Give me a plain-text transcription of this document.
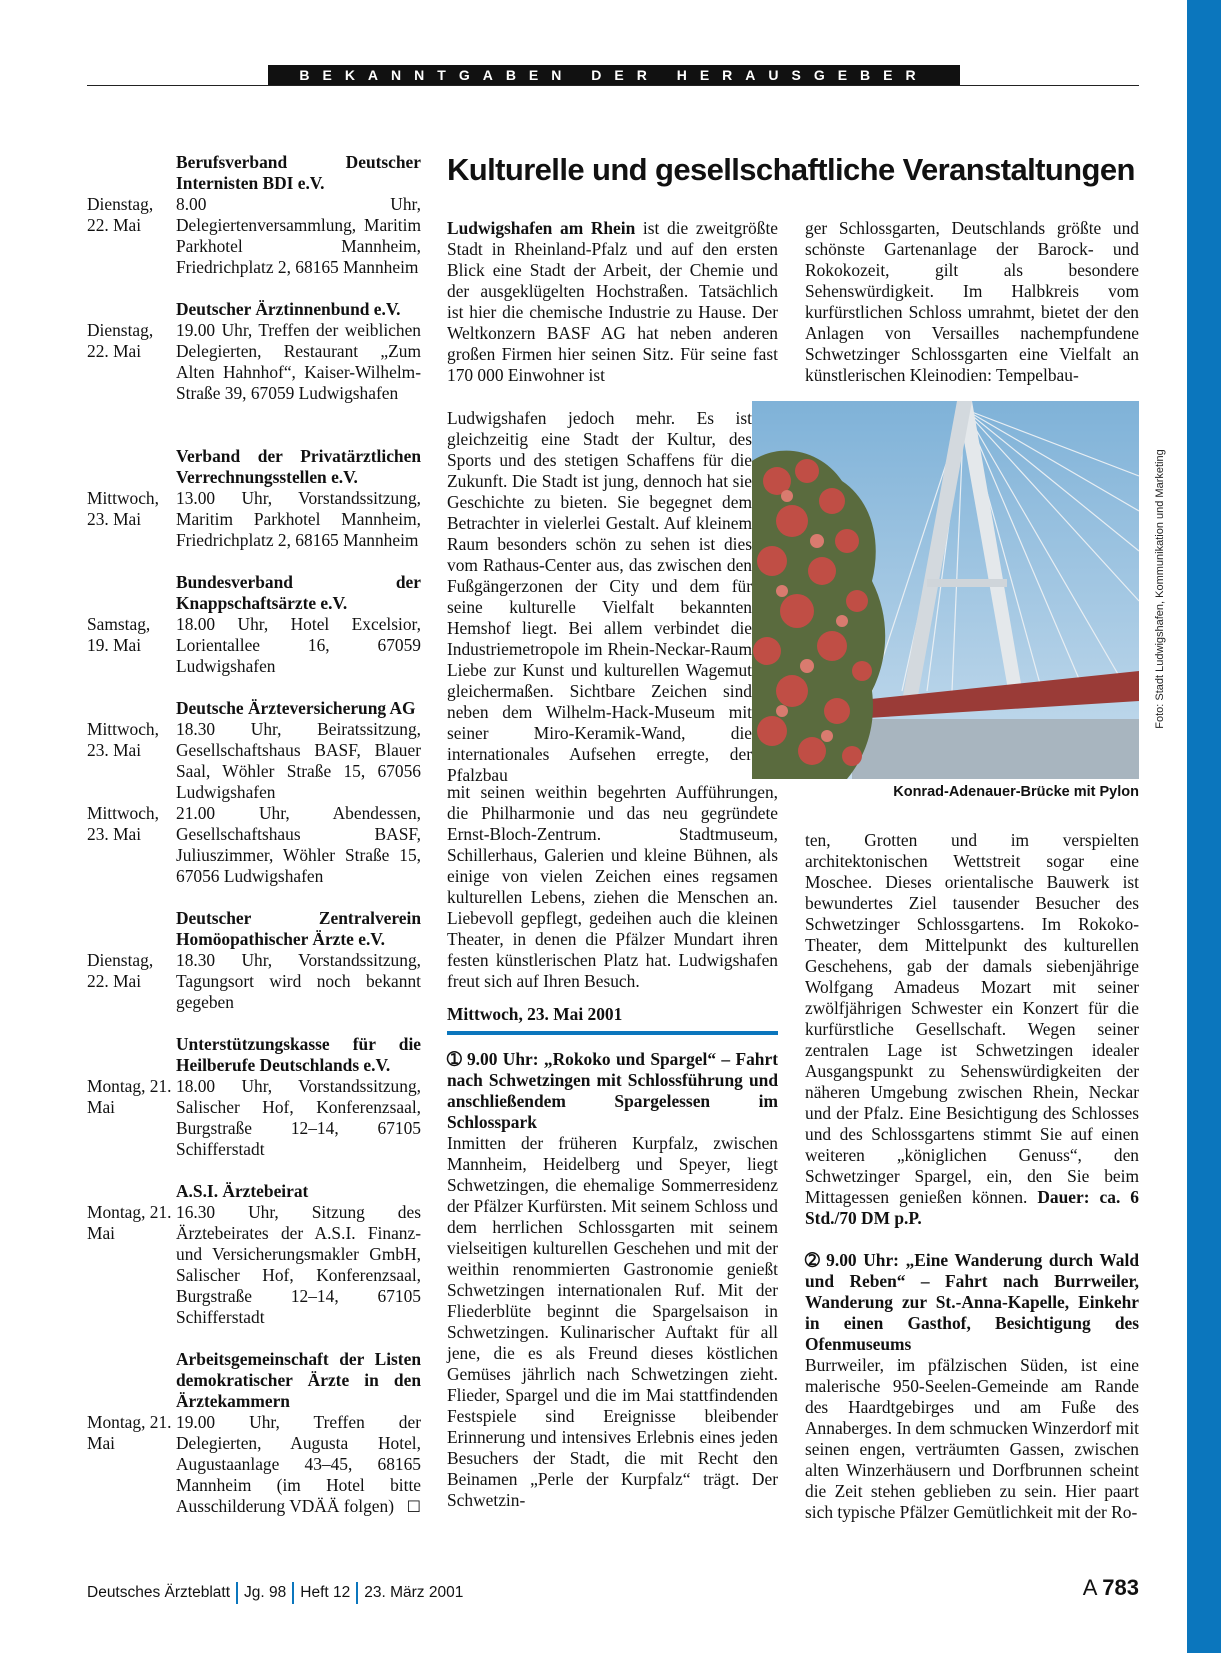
BEKANNTGABEN DER HERAUSGEBER
Berufsverband Deutscher Internisten BDI e.V.
Dienstag, 22. Mai
8.00 Uhr, Delegiertenversammlung, Maritim Parkhotel Mannheim, Friedrichplatz 2, 68165 Mannheim
Deutscher Ärztinnenbund e.V.
Dienstag, 22. Mai
19.00 Uhr, Treffen der weiblichen Delegierten, Restaurant „Zum Alten Hahnhof“, Kaiser-Wilhelm-Straße 39, 67059 Ludwigshafen
Verband der Privatärztlichen Verrechnungsstellen e.V.
Mittwoch, 23. Mai
13.00 Uhr, Vorstandssitzung, Maritim Parkhotel Mannheim, Friedrichplatz 2, 68165 Mannheim
Bundesverband der Knappschaftsärzte e.V.
Samstag, 19. Mai
18.00 Uhr, Hotel Excelsior, Lorientallee 16, 67059 Ludwigshafen
Deutsche Ärzteversicherung AG
Mittwoch, 23. Mai
18.30 Uhr, Beiratssitzung, Gesellschaftshaus BASF, Blauer Saal, Wöhler Straße 15, 67056 Ludwigshafen
Mittwoch, 23. Mai
21.00 Uhr, Abendessen, Gesellschaftshaus BASF, Juliuszimmer, Wöhler Straße 15, 67056 Ludwigshafen
Deutscher Zentralverein Homöopathischer Ärzte e.V.
Dienstag, 22. Mai
18.30 Uhr, Vorstandssitzung, Tagungsort wird noch bekannt gegeben
Unterstützungskasse für die Heilberufe Deutschlands e.V.
Montag, 21. Mai
18.00 Uhr, Vorstandssitzung, Salischer Hof, Konferenzsaal, Burgstraße 12–14, 67105 Schifferstadt
A.S.I. Ärztebeirat
Montag, 21. Mai
16.30 Uhr, Sitzung des Ärztebeirates der A.S.I. Finanz- und Versicherungsmakler GmbH, Salischer Hof, Konferenzsaal, Burgstraße 12–14, 67105 Schifferstadt
Arbeitsgemeinschaft der Listen demokratischer Ärzte in den Ärztekammern
Montag, 21. Mai
19.00 Uhr, Treffen der Delegierten, Augusta Hotel, Augustaanlage 43–45, 68165 Mannheim (im Hotel bitte Ausschilderung VDÄÄ folgen) ☐
Kulturelle und gesellschaftliche Veranstaltungen
Ludwigshafen am Rhein ist die zweitgrößte Stadt in Rheinland-Pfalz und auf den ersten Blick eine Stadt der Arbeit, der Chemie und der ausgeklügelten Hochstraßen. Tatsächlich ist hier die chemische Industrie zu Hause. Der Weltkonzern BASF AG hat neben anderen großen Firmen hier seinen Sitz. Für seine fast 170 000 Einwohner ist
Ludwigshafen jedoch mehr. Es ist gleichzeitig eine Stadt der Kultur, des Sports und des stetigen Schaffens für die Zukunft. Die Stadt ist jung, dennoch hat sie Geschichte zu bieten. Sie begegnet dem Betrachter in vielerlei Gestalt. Auf kleinem Raum besonders schön zu sehen ist dies vom Rathaus-Center aus, das zwischen den Fußgängerzonen der City und dem für seine kulturelle Vielfalt bekannten Hemshof liegt. Bei allem verbindet die Industriemetropole im Rhein-Neckar-Raum Liebe zur Kunst und kulturellen Wagemut gleichermaßen. Sichtbare Zeichen sind neben dem Wilhelm-Hack-Museum mit seiner Miro-Keramik-Wand, die internationales Aufsehen erregte, der Pfalzbau
mit seinen weithin begehrten Aufführungen, die Philharmonie und das neu gegründete Ernst-Bloch-Zentrum. Stadtmuseum, Schillerhaus, Galerien und kleine Bühnen, als einige von vielen Zeichen eines regsamen kulturellen Lebens, ziehen die Menschen an. Liebevoll gepflegt, gedeihen auch die kleinen Theater, in denen die Pfälzer Mundart ihren festen künstlerischen Platz hat. Ludwigshafen freut sich auf Ihren Besuch.
Mittwoch, 23. Mai 2001
➀ 9.00 Uhr: „Rokoko und Spargel“ – Fahrt nach Schwetzingen mit Schlossführung und anschließendem Spargelessen im Schlosspark
Inmitten der früheren Kurpfalz, zwischen Mannheim, Heidelberg und Speyer, liegt Schwetzingen, die ehemalige Sommerresidenz der Pfälzer Kurfürsten. Mit seinem Schloss und dem herrlichen Schlossgarten mit seinem vielseitigen kulturellen Geschehen und mit der weithin renommierten Gastronomie genießt Schwetzingen internationalen Ruf. Mit der Fliederblüte beginnt die Spargelsaison in Schwetzingen. Kulinarischer Auftakt für all jene, die es als Freund dieses köstlichen Gemüses jährlich nach Schwetzingen zieht. Flieder, Spargel und die im Mai stattfindenden Festspiele sind Ereignisse bleibender Erinnerung und intensives Erlebnis eines jeden Besuchers der Stadt, die mit Recht den Beinamen „Perle der Kurpfalz“ trägt. Der Schwetzin-
ger Schlossgarten, Deutschlands größte und schönste Gartenanlage der Barock- und Rokokozeit, gilt als besondere Sehenswürdigkeit. Im Halbkreis vom kurfürstlichen Schloss umrahmt, bietet der den Anlagen von Versailles nachempfundene Schwetzinger Schlossgarten eine Vielfalt an künstlerischen Kleinodien: Tempelbau-
Konrad-Adenauer-Brücke mit Pylon
Foto: Stadt Ludwigshafen, Kommunikation und Marketing
ten, Grotten und im verspielten architektonischen Wettstreit sogar eine Moschee. Dieses orientalische Bauwerk ist bewundertes Ziel tausender Besucher des Schwetzinger Schlossgartens. Im Rokoko-Theater, dem Mittelpunkt des kulturellen Geschehens, gab der damals siebenjährige Wolfgang Amadeus Mozart mit seiner zwölfjährigen Schwester ein Konzert für die kurfürstliche Gesellschaft. Wegen seiner zentralen Lage ist Schwetzingen idealer Ausgangspunkt zu Sehenswürdigkeiten der näheren Umgebung zwischen Rhein, Neckar und der Pfalz. Eine Besichtigung des Schlosses und des Schlossgartens stimmt Sie auf einen weiteren „königlichen Genuss“, den Schwetzinger Spargel, ein, den Sie beim Mittagessen genießen können. Dauer: ca. 6 Std./70 DM p.P.
➁ 9.00 Uhr: „Eine Wanderung durch Wald und Reben“ – Fahrt nach Burrweiler, Wanderung zur St.-Anna-Kapelle, Einkehr in einen Gasthof, Besichtigung des Ofenmuseums
Burrweiler, im pfälzischen Süden, ist eine malerische 950-Seelen-Gemeinde am Rande des Haardtgebirges und am Fuße des Annaberges. In dem schmucken Winzerdorf mit seinen engen, verträumten Gassen, zwischen alten Winzerhäusern und Dorfbrunnen scheint die Zeit stehen geblieben zu sein. Hier paart sich typische Pfälzer Gemütlichkeit mit der Ro-
Deutsches Ärzteblatt Jg. 98 Heft 12 23. März 2001	A 783
